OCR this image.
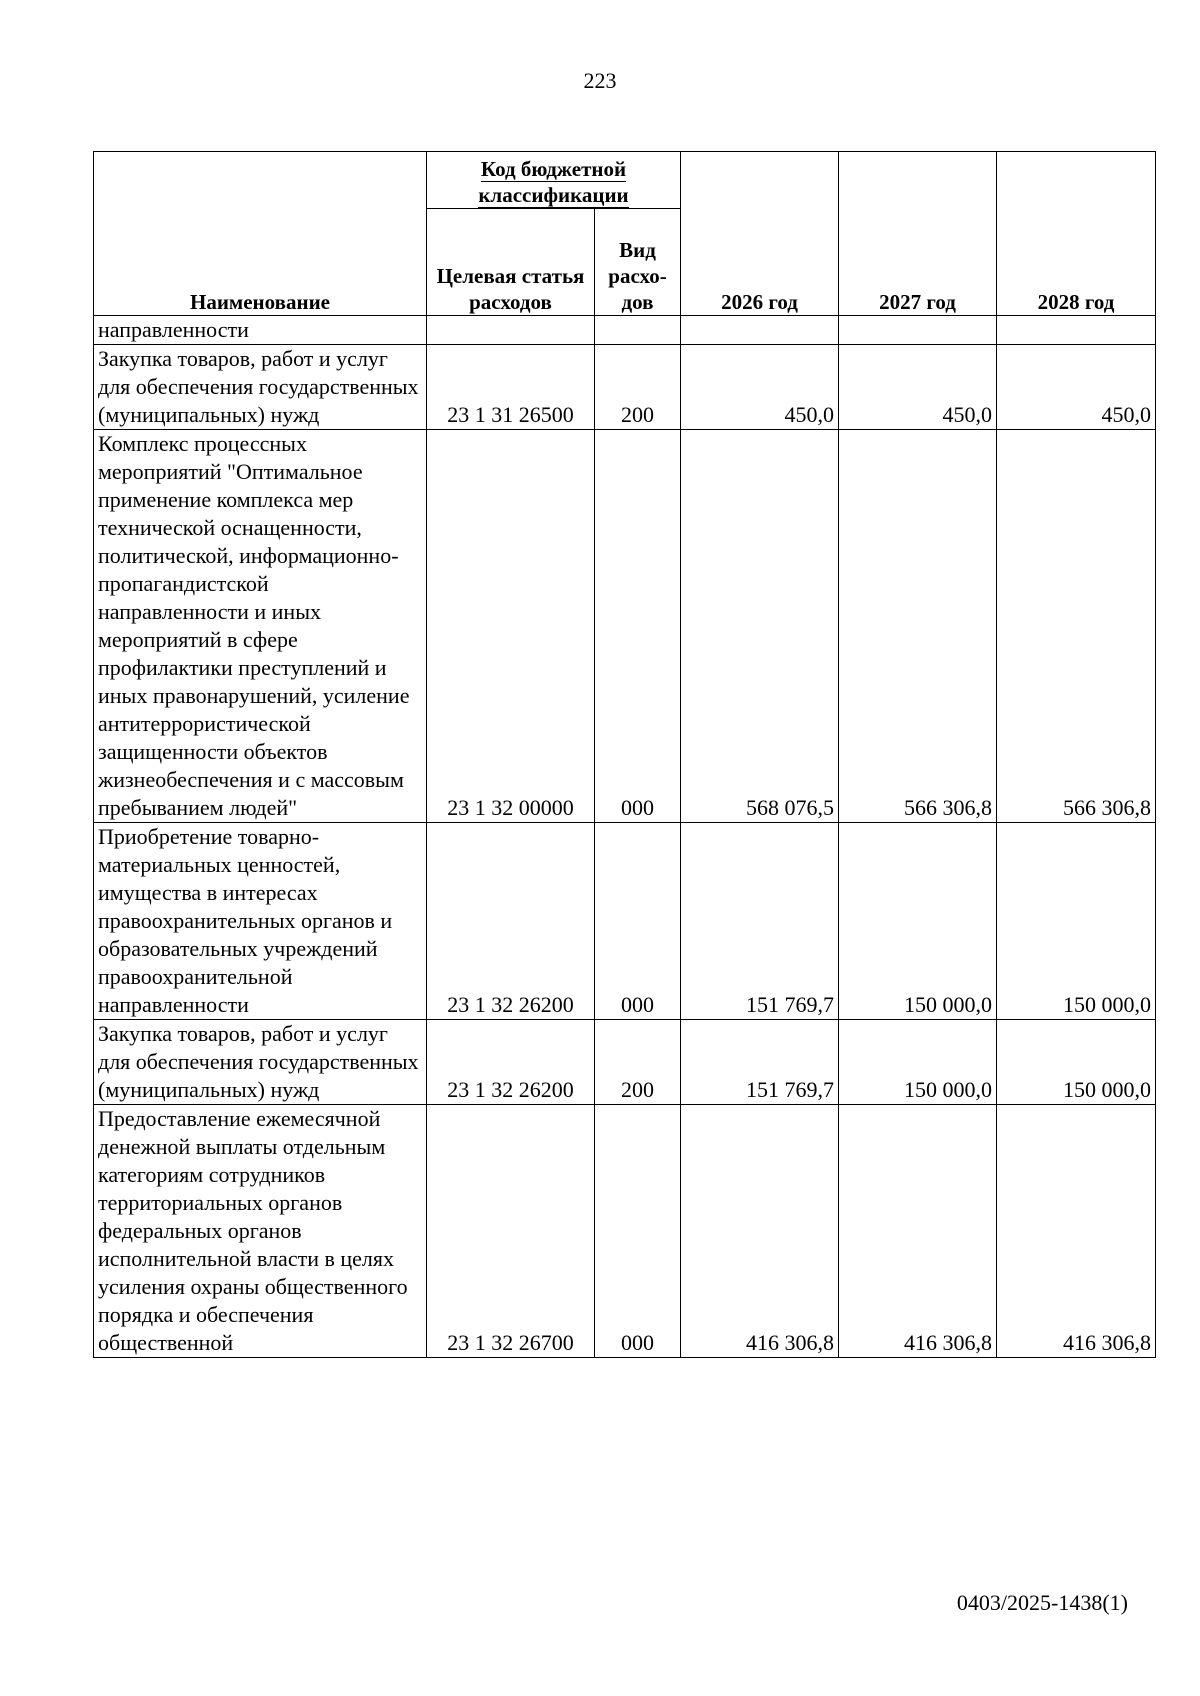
223
Наименование	Код бюджетной классификации		2026 год	2027 год	2028 год
	Целевая статья расходов	Вид расхо-дов			
направленности					
Закупка товаров, работ и услуг для обеспечения государственных (муниципальных) нужд	23 1 31 26500	200	450,0	450,0	450,0
Комплекс процессных мероприятий "Оптимальное применение комплекса мер технической оснащенности, политической, информационно-пропагандистской направленности и иных мероприятий в сфере профилактики преступлений и иных правонарушений, усиление антитеррористической защищенности объектов жизнеобеспечения и с массовым пребыванием людей"	23 1 32 00000	000	568 076,5	566 306,8	566 306,8
Приобретение товарно-материальных ценностей, имущества в интересах правоохранительных органов и образовательных учреждений правоохранительной направленности	23 1 32 26200	000	151 769,7	150 000,0	150 000,0
Закупка товаров, работ и услуг для обеспечения государственных (муниципальных) нужд	23 1 32 26200	200	151 769,7	150 000,0	150 000,0
Предоставление ежемесячной денежной выплаты отдельным категориям сотрудников территориальных органов федеральных органов исполнительной власти в целях усиления охраны общественного порядка и обеспечения общественной	23 1 32 26700	000	416 306,8	416 306,8	416 306,8
0403/2025-1438(1)
